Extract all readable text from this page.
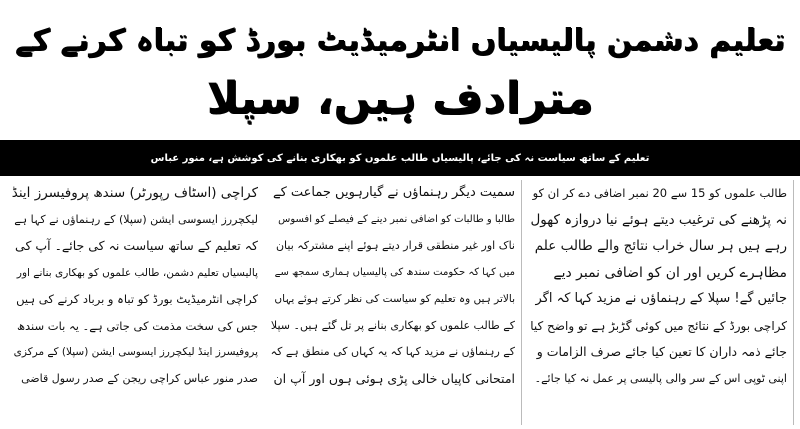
تعلیم دشمن پالیسیاں انٹرمیڈیٹ بورڈ کو تباہ کرنے کے
مترادف ہیں، سپلا
تعلیم کے ساتھ سیاست نہ کی جائے، پالیسیاں طالب علموں کو بھکاری بنانے کی کوشش ہے، منور عباس
کراچی (اسٹاف رپورٹر) سندھ پروفیسرز اینڈ
لیکچررز ایسوسی ایشن (سپلا) کے رہنماؤں نے کہا ہے
کہ تعلیم کے ساتھ سیاست نہ کی جائے۔ آپ کی
پالیسیاں تعلیم دشمن، طالب علموں کو بھکاری بنانے اور
کراچی انٹرمیڈیٹ بورڈ کو تباہ و برباد کرنے کی ہیں
جس کی سخت مذمت کی جاتی ہے۔ یہ بات سندھ
پروفیسرز اینڈ لیکچررز ایسوسی ایشن (سپلا) کے مرکزی
صدر منور عباس کراچی ریجن کے صدر رسول قاضی
سمیت دیگر رہنماؤں نے گیارہویں جماعت کے
طالبا و طالبات کو اضافی نمبر دینے کے فیصلے کو افسوس
ناک اور غیر منطقی قرار دیتے ہوئے اپنے مشترکہ بیان
میں کہا کہ حکومت سندھ کی پالیسیاں ہماری سمجھ سے
بالاتر ہیں وہ تعلیم کو سیاست کی نظر کرتے ہوئے یہاں
کے طالب علموں کو بھکاری بنانے پر تل گئے ہیں۔ سپلا
کے رہنماؤں نے مزید کہا کہ یہ کہاں کی منطق ہے کہ
امتحانی کاپیاں خالی پڑی ہوئی ہوں اور آپ ان
طالب علموں کو 15 سے 20 نمبر اضافی دے کر ان کو
نہ پڑھنے کی ترغیب دیتے ہوئے نیا دروازہ کھول
رہے ہیں ہر سال خراب نتائج والے طالب علم
مظاہرے کریں اور ان کو اضافی نمبر دیے
جائیں گے! سپلا کے رہنماؤں نے مزید کہا کہ اگر
کراچی بورڈ کے نتائج میں کوئی گڑبڑ ہے تو واضح کیا
جائے ذمہ داران کا تعین کیا جائے صرف الزامات و
اپنی ٹوپی اس کے سر والی پالیسی پر عمل نہ کیا جائے۔
